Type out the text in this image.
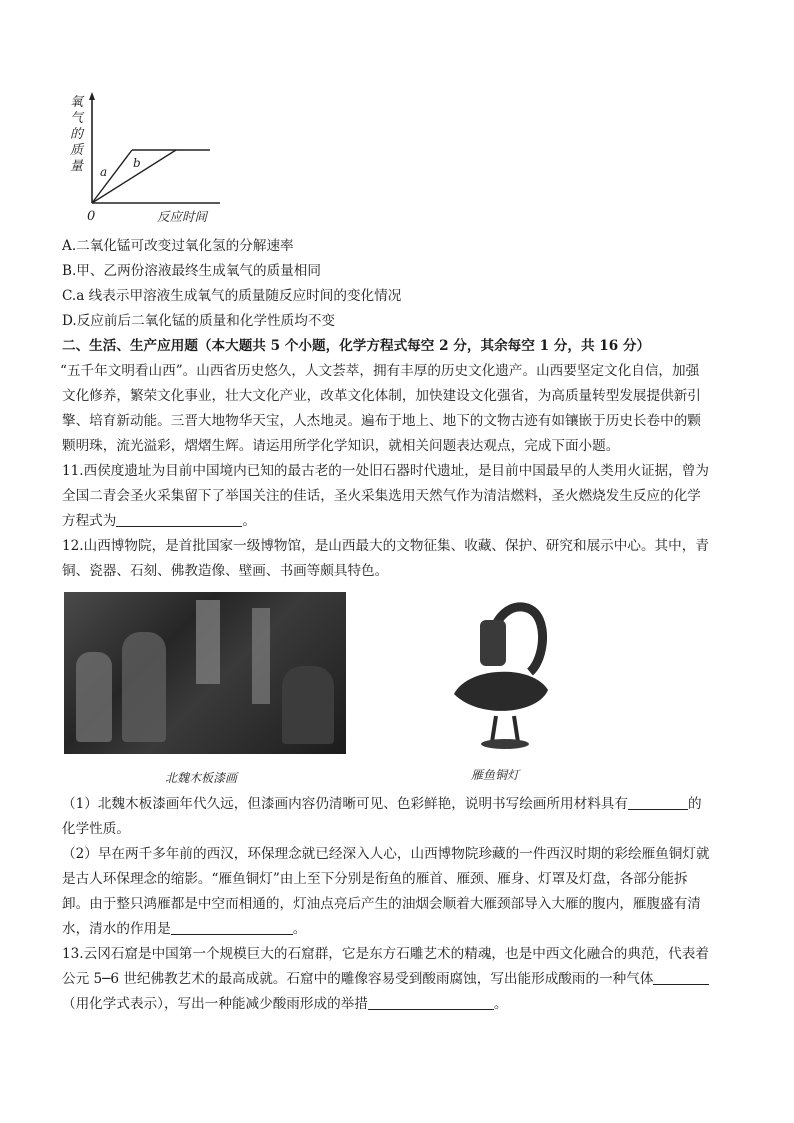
氧
气
的
质
量 a
b
0	反应时间
A.二氧化锰可改变过氧化氢的分解速率
B.甲、乙两份溶液最终生成氧气的质量相同
C.a 线表示甲溶液生成氧气的质量随反应时间的变化情况
D.反应前后二氧化锰的质量和化学性质均不变
二、生活、生产应用题（本大题共 5 个小题，化学方程式每空 2 分，其余每空 1 分，共 16 分）
“五千年文明看山西”。山西省历史悠久，人文荟萃，拥有丰厚的历史文化遗产。山西要坚定文化自信，加强
文化修养，繁荣文化事业，壮大文化产业，改革文化体制，加快建设文化强省，为高质量转型发展提供新引
擎、培育新动能。三晋大地物华天宝，人杰地灵。遍布于地上、地下的文物古迹有如镶嵌于历史长卷中的颗
颗明珠，流光溢彩，熠熠生辉。请运用所学化学知识，就相关问题表达观点，完成下面小题。
11.西侯度遗址为目前中国境内已知的最古老的一处旧石器时代遗址，是目前中国最早的人类用火证据，曾为
全国二青会圣火采集留下了举国关注的佳话，圣火采集选用天然气作为清洁燃料，圣火燃烧发生反应的化学
方程式为	。
12.山西博物院，是首批国家一级博物馆，是山西最大的文物征集、收藏、保护、研究和展示中心。其中，青
铜、瓷器、石刻、佛教造像、壁画、书画等颇具特色。
北魏木板漆画	雁鱼铜灯
（1）北魏木板漆画年代久远，但漆画内容仍清晰可见、色彩鲜艳，说明书写绘画所用材料具有	的
化学性质。
（2）早在两千多年前的西汉，环保理念就已经深入人心，山西博物院珍藏的一件西汉时期的彩绘雁鱼铜灯就
是古人环保理念的缩影。“雁鱼铜灯”由上至下分别是衔鱼的雁首、雁颈、雁身、灯罩及灯盘，各部分能拆
卸。由于整只鸿雁都是中空而相通的，灯油点亮后产生的油烟会顺着大雁颈部导入大雁的腹内，雁腹盛有清
水，清水的作用是	。
13.云冈石窟是中国第一个规模巨大的石窟群，它是东方石雕艺术的精魂，也是中西文化融合的典范，代表着
公元 5─6 世纪佛教艺术的最高成就。石窟中的雕像容易受到酸雨腐蚀，写出能形成酸雨的一种气体
（用化学式表示），写出一种能减少酸雨形成的举措	。
